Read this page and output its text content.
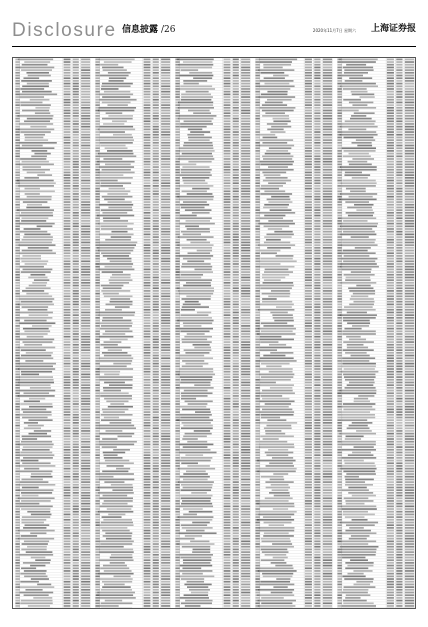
Disclosure 信息披露 /26	2020年11月7日 星期六 上海证券报
